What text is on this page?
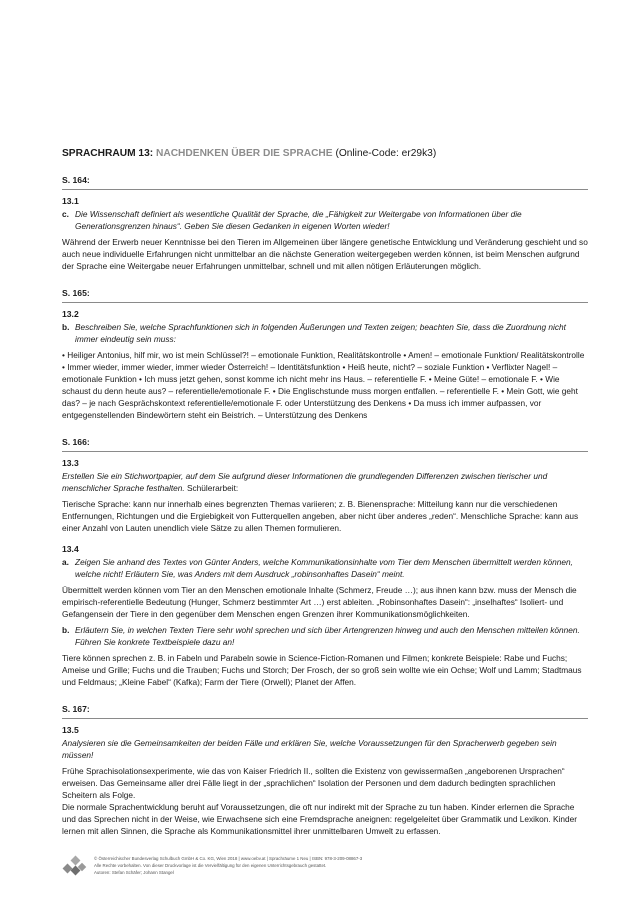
SPRACHRAUM 13: NACHDENKEN ÜBER DIE SPRACHE (Online-Code: er29k3)
S. 164:
13.1
c. Die Wissenschaft definiert als wesentliche Qualität der Sprache, die „Fähigkeit zur Weitergabe von Informationen über die Generationsgrenzen hinaus“. Geben Sie diesen Gedanken in eigenen Worten wieder!
Während der Erwerb neuer Kenntnisse bei den Tieren im Allgemeinen über längere genetische Entwicklung und Veränderung geschieht und so auch neue individuelle Erfahrungen nicht unmittelbar an die nächste Generation weitergegeben werden können, ist beim Menschen aufgrund der Sprache eine Weitergabe neuer Erfahrungen unmittelbar, schnell und mit allen nötigen Erläuterungen möglich.
S. 165:
13.2
b. Beschreiben Sie, welche Sprachfunktionen sich in folgenden Äußerungen und Texten zeigen; beachten Sie, dass die Zuordnung nicht immer eindeutig sein muss:
• Heiliger Antonius, hilf mir, wo ist mein Schlüssel?! – emotionale Funktion, Realitätskontrolle • Amen! – emotionale Funktion/ Realitätskontrolle • Immer wieder, immer wieder, immer wieder Österreich! – Identitätsfunktion • Heiß heute, nicht? – soziale Funktion • Verflixter Nagel! – emotionale Funktion • Ich muss jetzt gehen, sonst komme ich nicht mehr ins Haus. – referentielle F. • Meine Güte! – emotionale F. • Wie schaust du denn heute aus? – referentielle/emotionale F. • Die Englischstunde muss morgen entfallen. – referentielle F. • Mein Gott, wie geht das? – je nach Gesprächskontext referentielle/emotionale F. oder Unterstützung des Denkens • Da muss ich immer aufpassen, vor entgegenstellenden Bindewörtern steht ein Beistrich. – Unterstützung des Denkens
S. 166:
13.3
Erstellen Sie ein Stichwortpapier, auf dem Sie aufgrund dieser Informationen die grundlegenden Differenzen zwischen tierischer und menschlicher Sprache festhalten. Schülerarbeit:
Tierische Sprache: kann nur innerhalb eines begrenzten Themas variieren; z. B. Bienensprache: Mitteilung kann nur die verschiedenen Entfernungen, Richtungen und die Ergiebigkeit von Futterquellen angeben, aber nicht über anderes „reden“. Menschliche Sprache: kann aus einer Anzahl von Lauten unendlich viele Sätze zu allen Themen formulieren.
13.4
a. Zeigen Sie anhand des Textes von Günter Anders, welche Kommunikationsinhalte vom Tier dem Menschen übermittelt werden können, welche nicht! Erläutern Sie, was Anders mit dem Ausdruck „robinsonhaftes Dasein“ meint.
Übermittelt werden können vom Tier an den Menschen emotionale Inhalte (Schmerz, Freude …); aus ihnen kann bzw. muss der Mensch die empirisch-referentielle Bedeutung (Hunger, Schmerz bestimmter Art …) erst ableiten. „Robinsonhaftes Dasein“: „inselhaftes“ Isoliert- und Gefangensein der Tiere in den gegenüber dem Menschen engen Grenzen ihrer Kommunikationsmöglichkeiten.
b. Erläutern Sie, in welchen Texten Tiere sehr wohl sprechen und sich über Artengrenzen hinweg und auch den Menschen mitteilen können. Führen Sie konkrete Textbeispiele dazu an!
Tiere können sprechen z. B. in Fabeln und Parabeln sowie in Science-Fiction-Romanen und Filmen; konkrete Beispiele: Rabe und Fuchs; Ameise und Grille; Fuchs und die Trauben; Fuchs und Storch; Der Frosch, der so groß sein wollte wie ein Ochse; Wolf und Lamm; Stadtmaus und Feldmaus; „Kleine Fabel“ (Kafka); Farm der Tiere (Orwell); Planet der Affen.
S. 167:
13.5
Analysieren sie die Gemeinsamkeiten der beiden Fälle und erklären Sie, welche Voraussetzungen für den Spracherwerb gegeben sein müssen!
Frühe Sprachisolationsexperimente, wie das von Kaiser Friedrich II., sollten die Existenz von gewissermaßen „angeborenen Ursprachen“ erweisen. Das Gemeinsame aller drei Fälle liegt in der „sprachlichen“ Isolation der Personen und dem dadurch bedingten sprachlichen Scheitern als Folge.
Die normale Sprachentwicklung beruht auf Voraussetzungen, die oft nur indirekt mit der Sprache zu tun haben. Kinder erlernen die Sprache und das Sprechen nicht in der Weise, wie Erwachsene sich eine Fremdsprache aneignen: regelgeleitet über Grammatik und Lexikon. Kinder lernen mit allen Sinnen, die Sprache als Kommunikationsmittel ihrer unmittelbaren Umwelt zu erfassen.
© Österreichischer Bundesverlag Schulbuch GmbH & Co. KG, Wien 2018 | www.oebv.at | Sprachräume 1 Neu | ISBN: 978-3-209-08867-3
Alle Rechte vorbehalten. Von dieser Druckvorlage ist die Vervielfältigung für den eigenen Unterrichtsgebrauch gestattet.
Autoren: Stefan Schäfer; Johann Stangel
